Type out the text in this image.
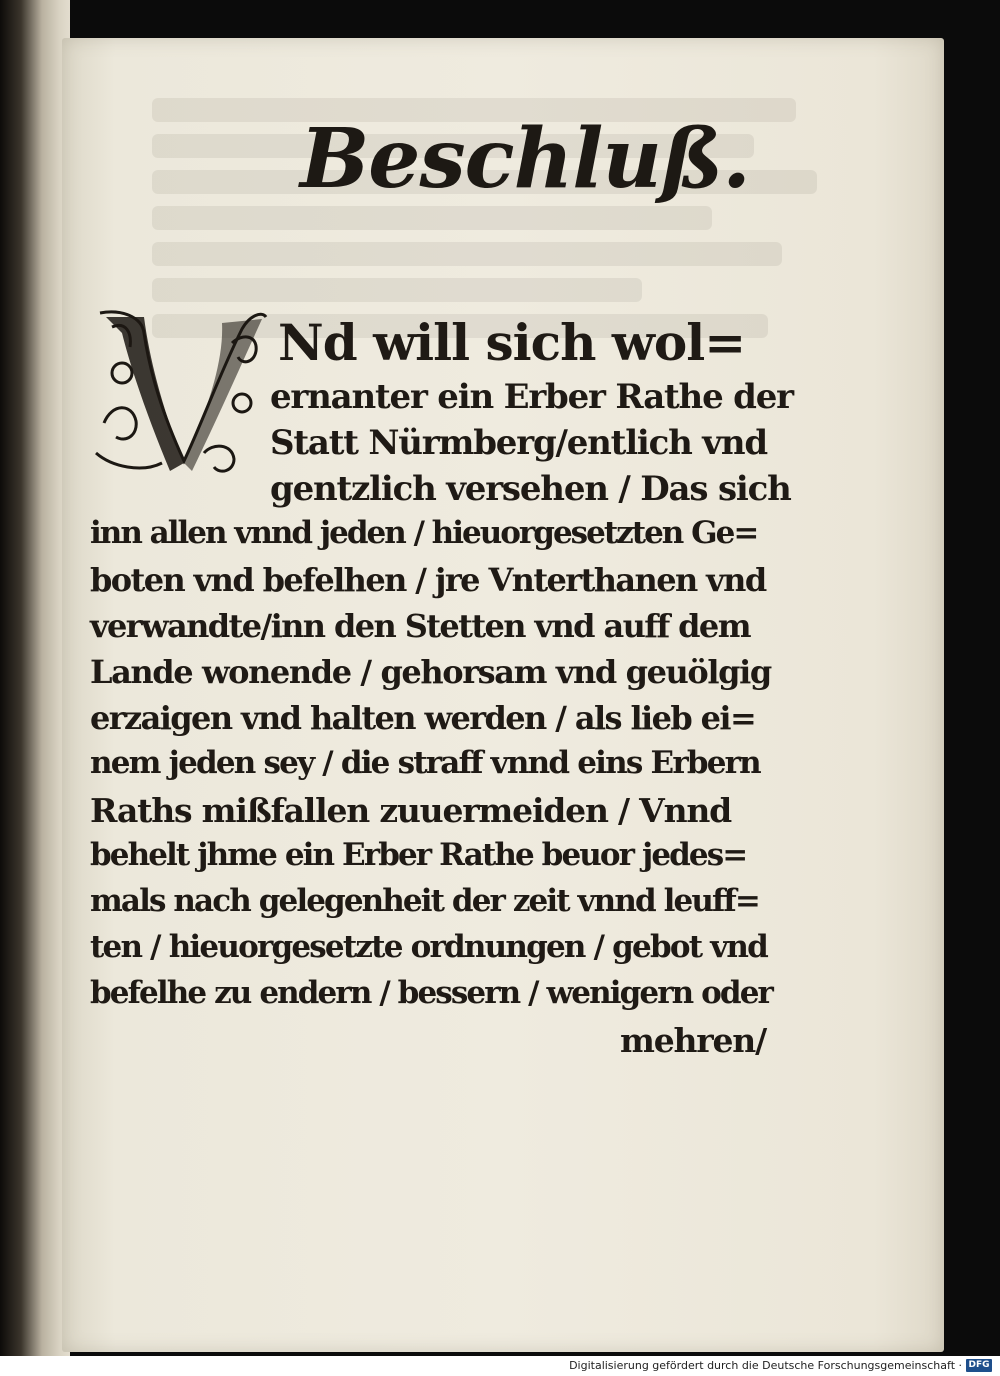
Beschluß.
Nd will sich wol=
ernanter ein Erber Rathe der
Statt Nürmberg/entlich vnd
gentzlich versehen / Das sich
inn allen vnnd jeden / hieuorgesetzten Ge=
boten vnd befelhen / jre Vnterthanen vnd
verwandte/inn den Stetten vnd auff dem
Lande wonende / gehorsam vnd geuölgig
erzaigen vnd halten werden / als lieb ei=
nem jeden sey / die straff vnnd eins Erbern
Raths mißfallen zuuermeiden / Vnnd
behelt jhme ein Erber Rathe beuor jedes=
mals nach gelegenheit der zeit vnnd leuff=
ten / hieuorgesetzte ordnungen / gebot vnd
befelhe zu endern / bessern / wenigern oder
mehren/
Digitalisierung gefördert durch die Deutsche Forschungsgemeinschaft · DFG
